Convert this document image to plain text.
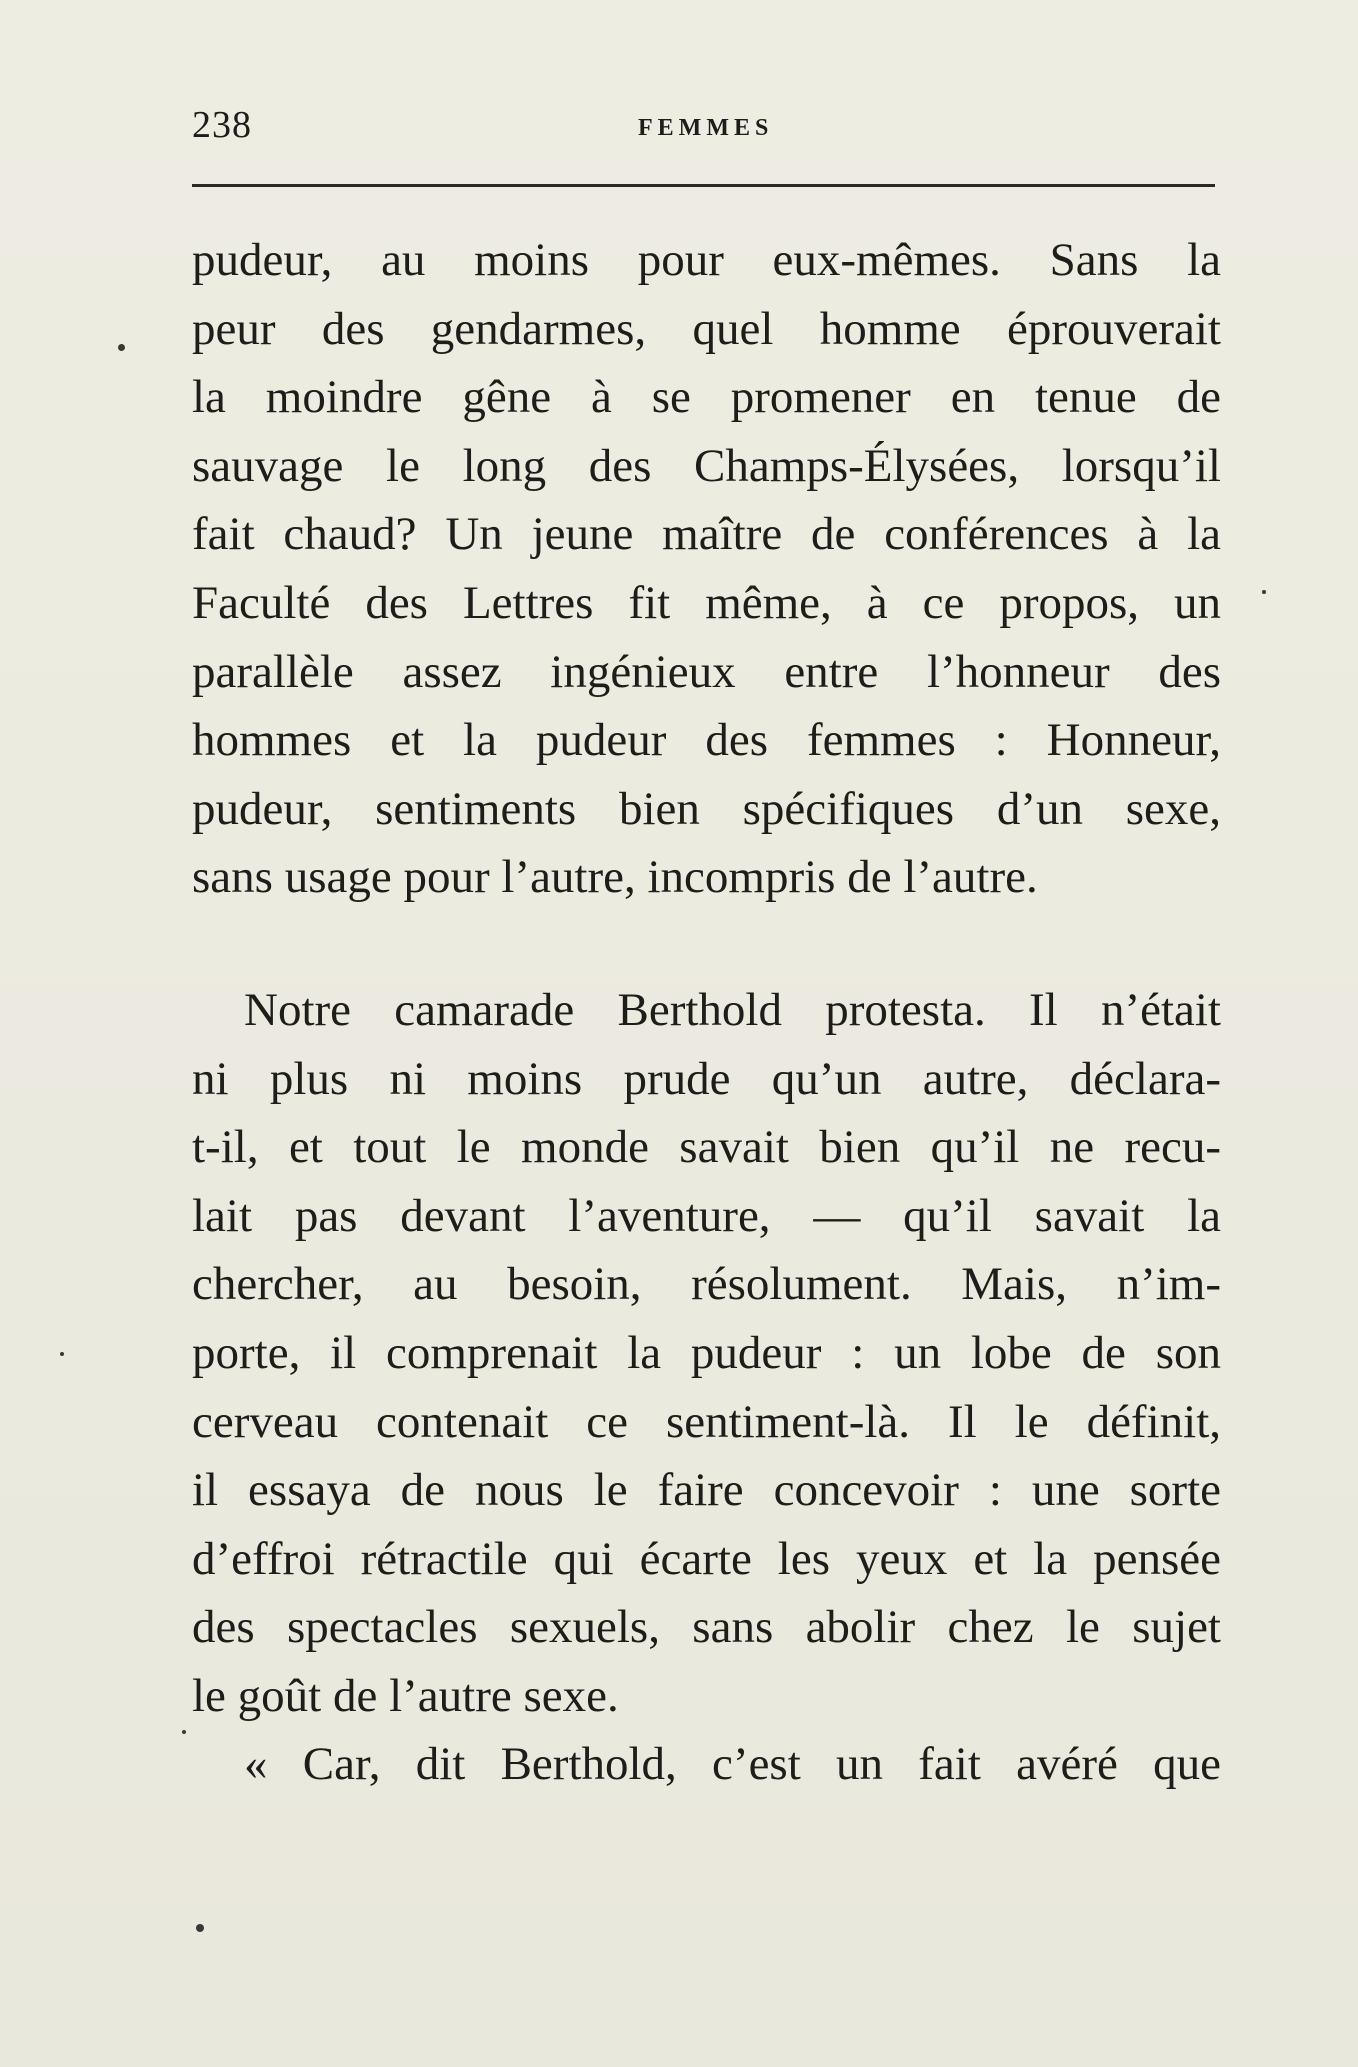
238	FEMMES
pudeur, au moins pour eux-mêmes. Sans la
peur des gendarmes, quel homme éprouverait
la moindre gêne à se promener en tenue de
sauvage le long des Champs-Élysées, lorsqu’il
fait chaud? Un jeune maître de conférences à la
Faculté des Lettres fit même, à ce propos, un
parallèle assez ingénieux entre l’honneur des
hommes et la pudeur des femmes : Honneur,
pudeur, sentiments bien spécifiques d’un sexe,
sans usage pour l’autre, incompris de l’autre.
Notre camarade Berthold protesta. Il n’était
ni plus ni moins prude qu’un autre, déclara-
t-il, et tout le monde savait bien qu’il ne recu-
lait pas devant l’aventure, — qu’il savait la
chercher, au besoin, résolument. Mais, n’im-
porte, il comprenait la pudeur : un lobe de son
cerveau contenait ce sentiment-là. Il le définit,
il essaya de nous le faire concevoir : une sorte
d’effroi rétractile qui écarte les yeux et la pensée
des spectacles sexuels, sans abolir chez le sujet
le goût de l’autre sexe.
« Car, dit Berthold, c’est un fait avéré que
